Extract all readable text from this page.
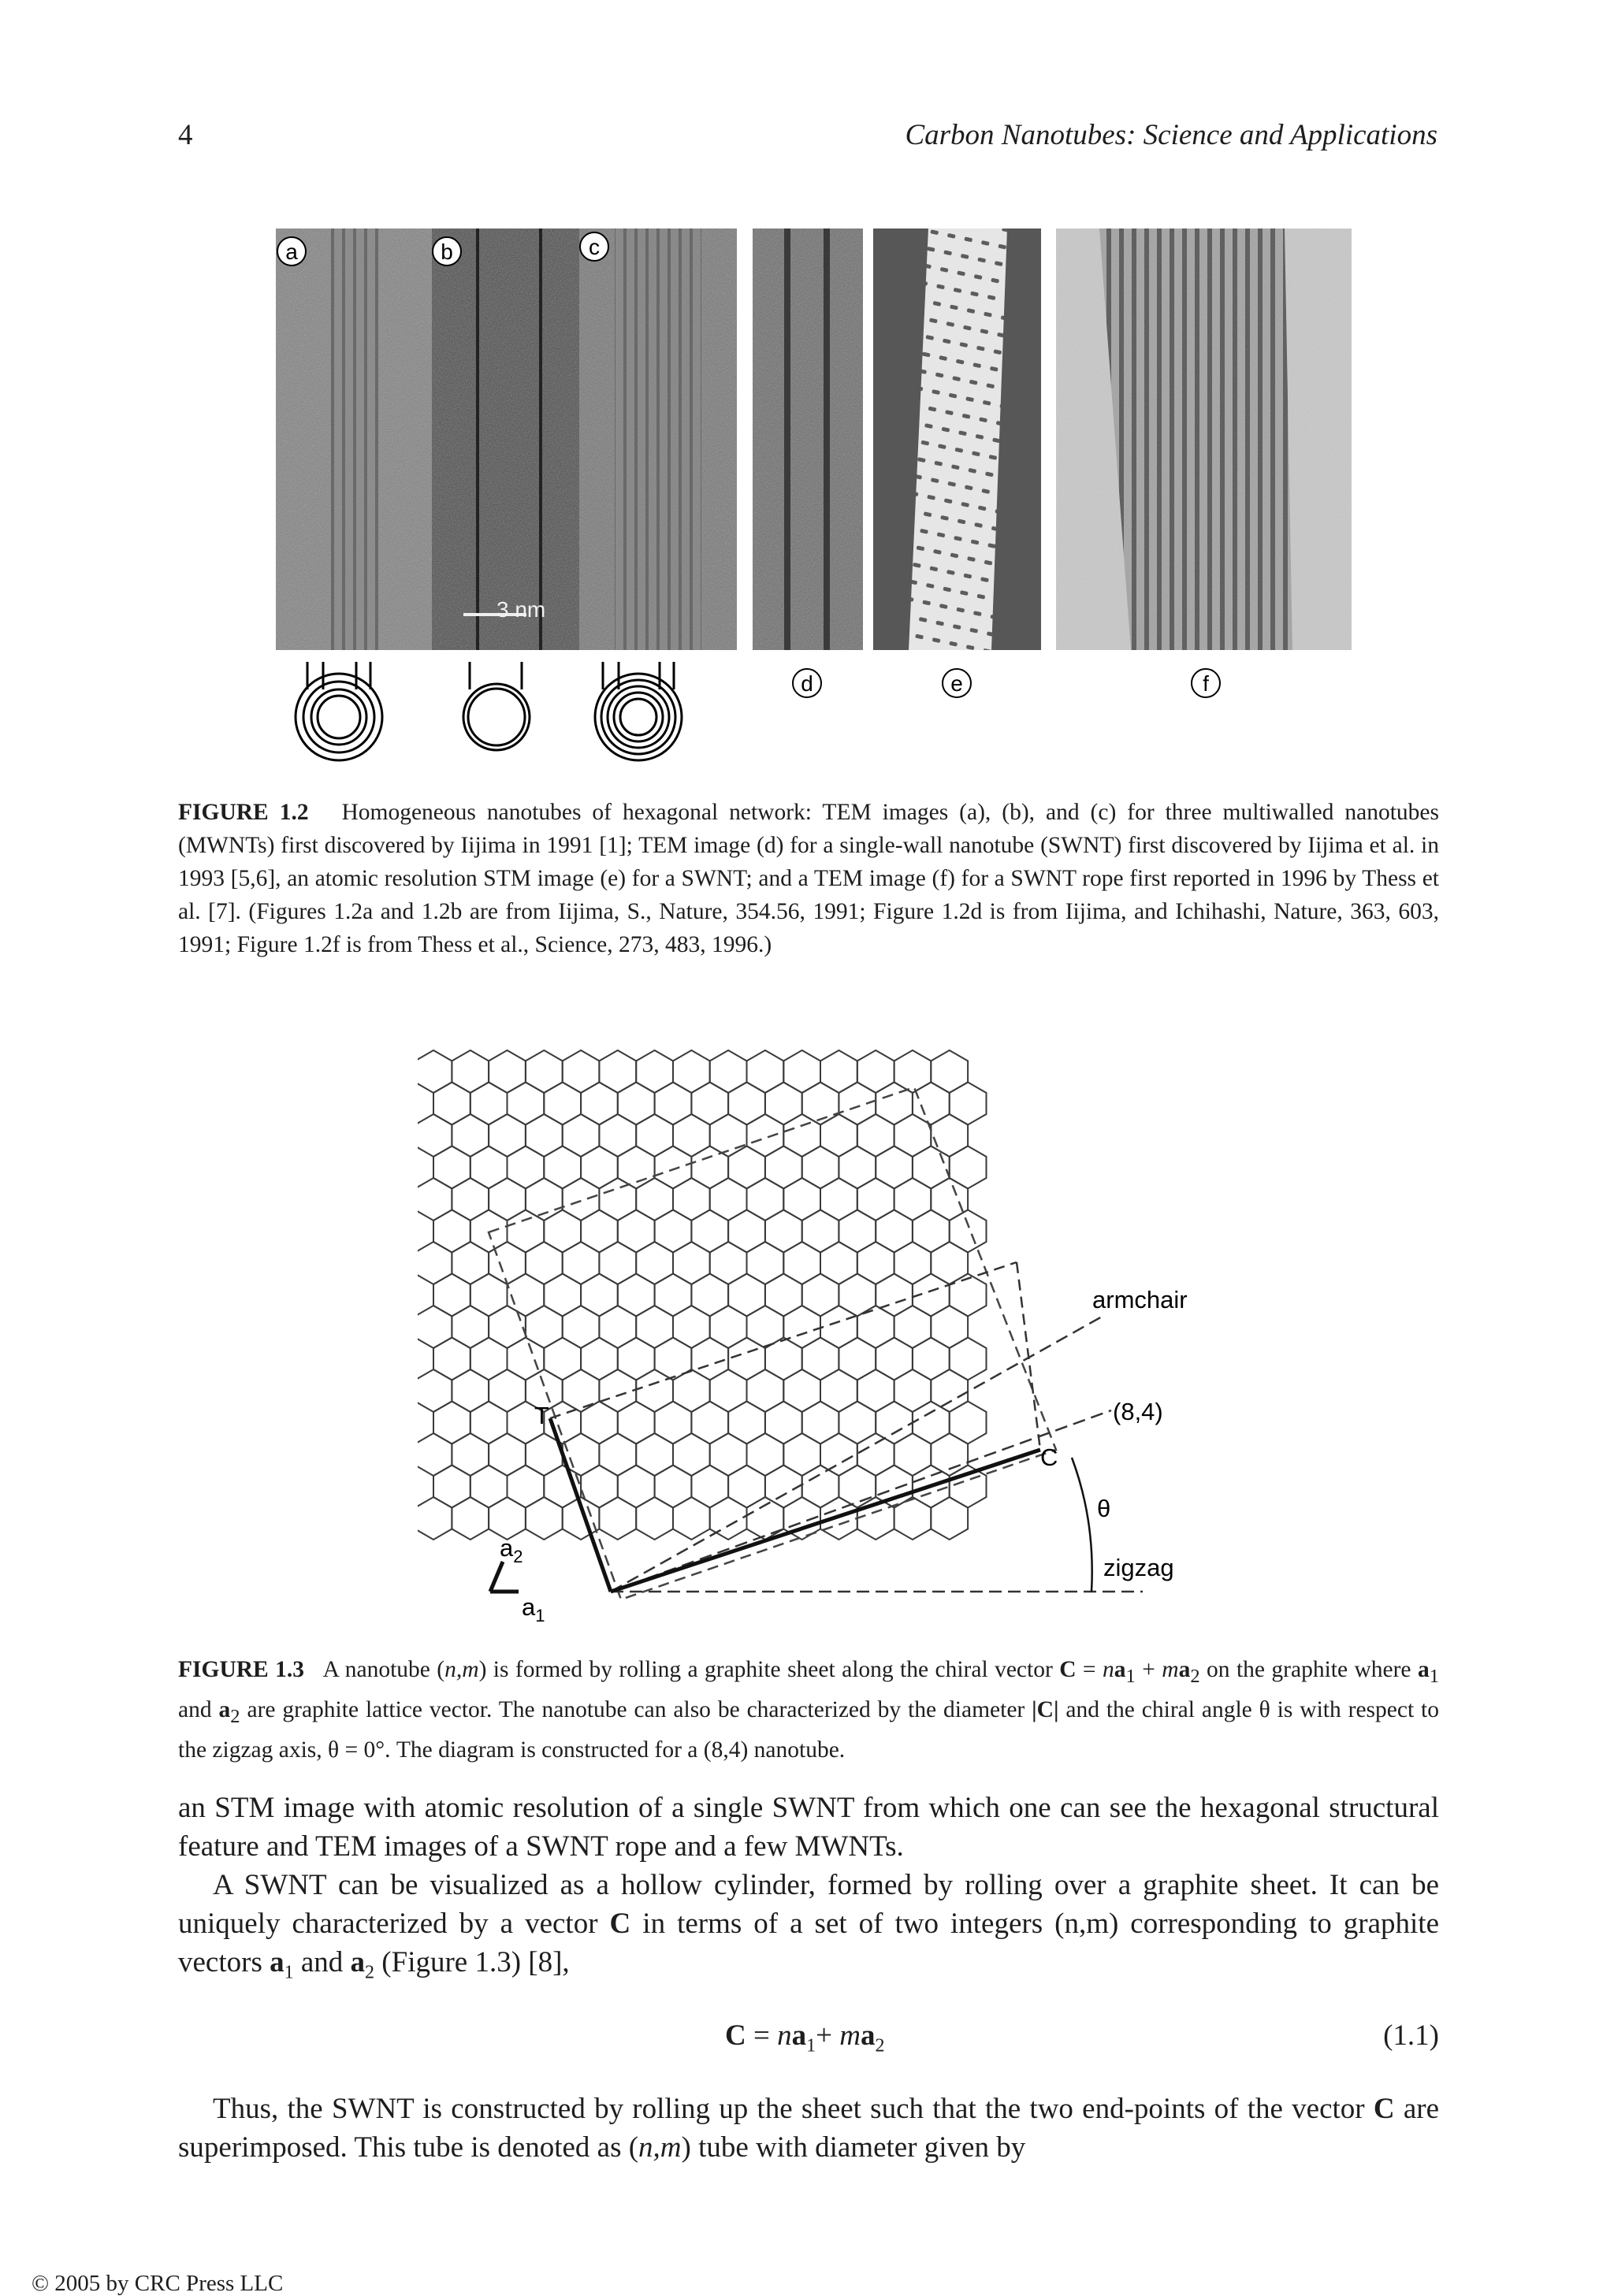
4	Carbon Nanotubes: Science and Applications
a	b	c
3 nm
d	e	f
FIGURE 1.2 Homogeneous nanotubes of hexagonal network: TEM images (a), (b), and (c) for three multiwalled nanotubes (MWNTs) first discovered by Iijima in 1991 [1]; TEM image (d) for a single-wall nanotube (SWNT) first discovered by Iijima et al. in 1993 [5,6], an atomic resolution STM image (e) for a SWNT; and a TEM image (f) for a SWNT rope first reported in 1996 by Thess et al. [7]. (Figures 1.2a and 1.2b are from Iijima, S., Nature, 354.56, 1991; Figure 1.2d is from Iijima, and Ichihashi, Nature, 363, 603, 1991; Figure 1.2f is from Thess et al., Science, 273, 483, 1996.)
armchair
(8,4)
C
T
θ
zigzag
$a_2$
$a_1$
FIGURE 1.3 A nanotube (n,m) is formed by rolling a graphite sheet along the chiral vector $C = na_1 + ma_2$ on the graphite where $a_1$ and $a_2$ are graphite lattice vector. The nanotube can also be characterized by the diameter |C| and the chiral angle θ is with respect to the zigzag axis, θ = 0°. The diagram is constructed for a (8,4) nanotube.

an STM image with atomic resolution of a single SWNT from which one can see the hexagonal structural feature and TEM images of a SWNT rope and a few MWNTs.

A SWNT can be visualized as a hollow cylinder, formed by rolling over a graphite sheet. It can be uniquely characterized by a vector C in terms of a set of two integers (n,m) corresponding to graphite vectors $a_1$ and $a_2$ (Figure 1.3) [8],

$C = na_1+ ma_2$	(1.1)

Thus, the SWNT is constructed by rolling up the sheet such that the two end-points of the vector C are superimposed. This tube is denoted as (n,m) tube with diameter given by

© 2005 by CRC Press LLC
